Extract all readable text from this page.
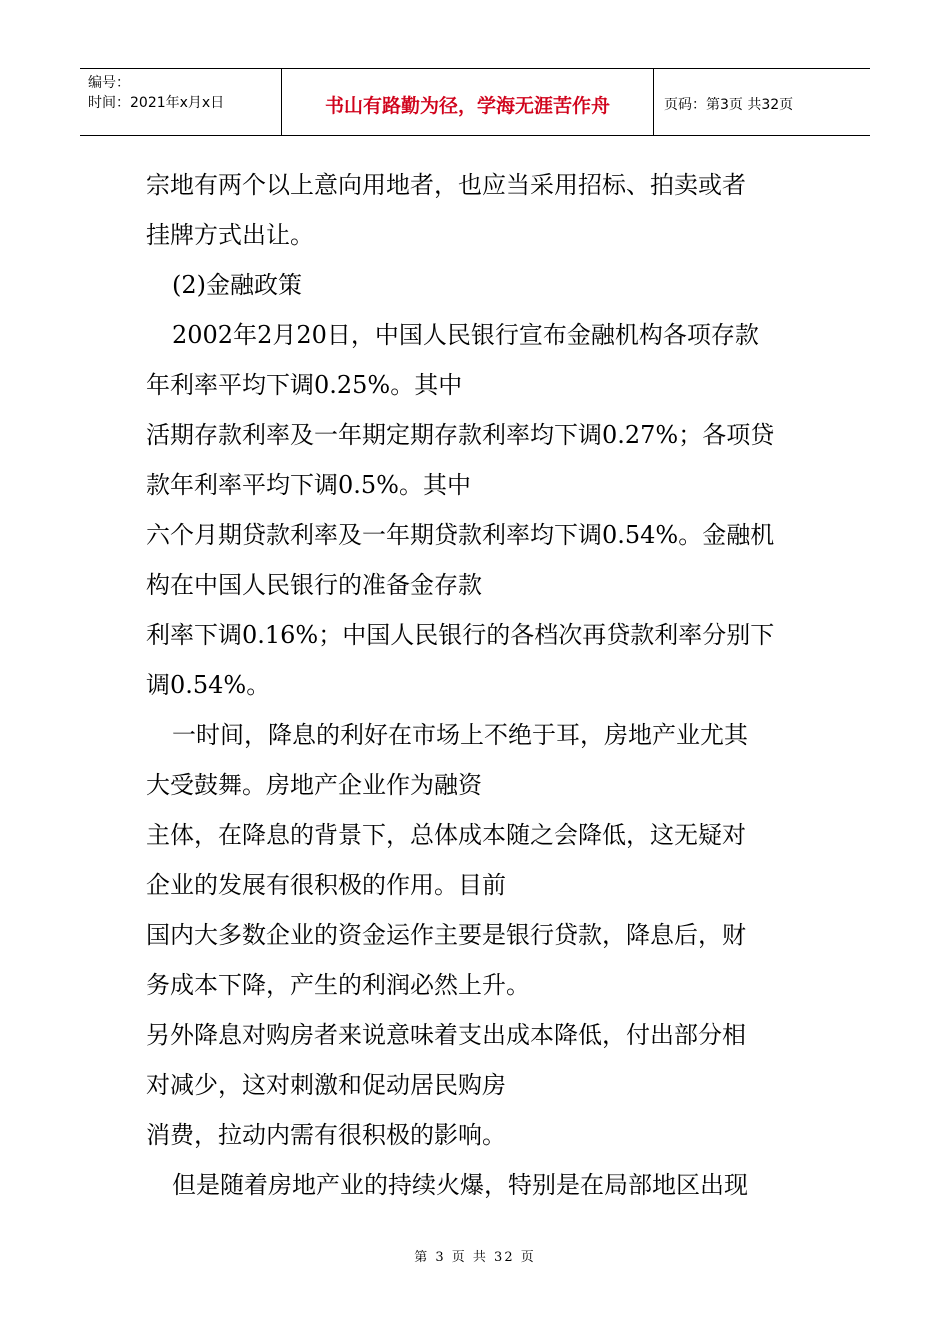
编号：
时间：2021年x月x日	书山有路勤为径，学海无涯苦作舟	页码：第3页 共32页
宗地有两个以上意向用地者，也应当采用招标、拍卖或者
挂牌方式出让。
(2)金融政策
2002年2月20日，中国人民银行宣布金融机构各项存款
年利率平均下调0.25%。其中
活期存款利率及一年期定期存款利率均下调0.27%；各项贷
款年利率平均下调0.5%。其中
六个月期贷款利率及一年期贷款利率均下调0.54%。金融机
构在中国人民银行的准备金存款
利率下调0.16%；中国人民银行的各档次再贷款利率分别下
调0.54%。
一时间，降息的利好在市场上不绝于耳，房地产业尤其
大受鼓舞。房地产企业作为融资
主体，在降息的背景下，总体成本随之会降低，这无疑对
企业的发展有很积极的作用。目前
国内大多数企业的资金运作主要是银行贷款，降息后，财
务成本下降，产生的利润必然上升。
另外降息对购房者来说意味着支出成本降低，付出部分相
对减少，这对刺激和促动居民购房
消费，拉动内需有很积极的影响。
但是随着房地产业的持续火爆，特别是在局部地区出现
第 3 页 共 32 页
